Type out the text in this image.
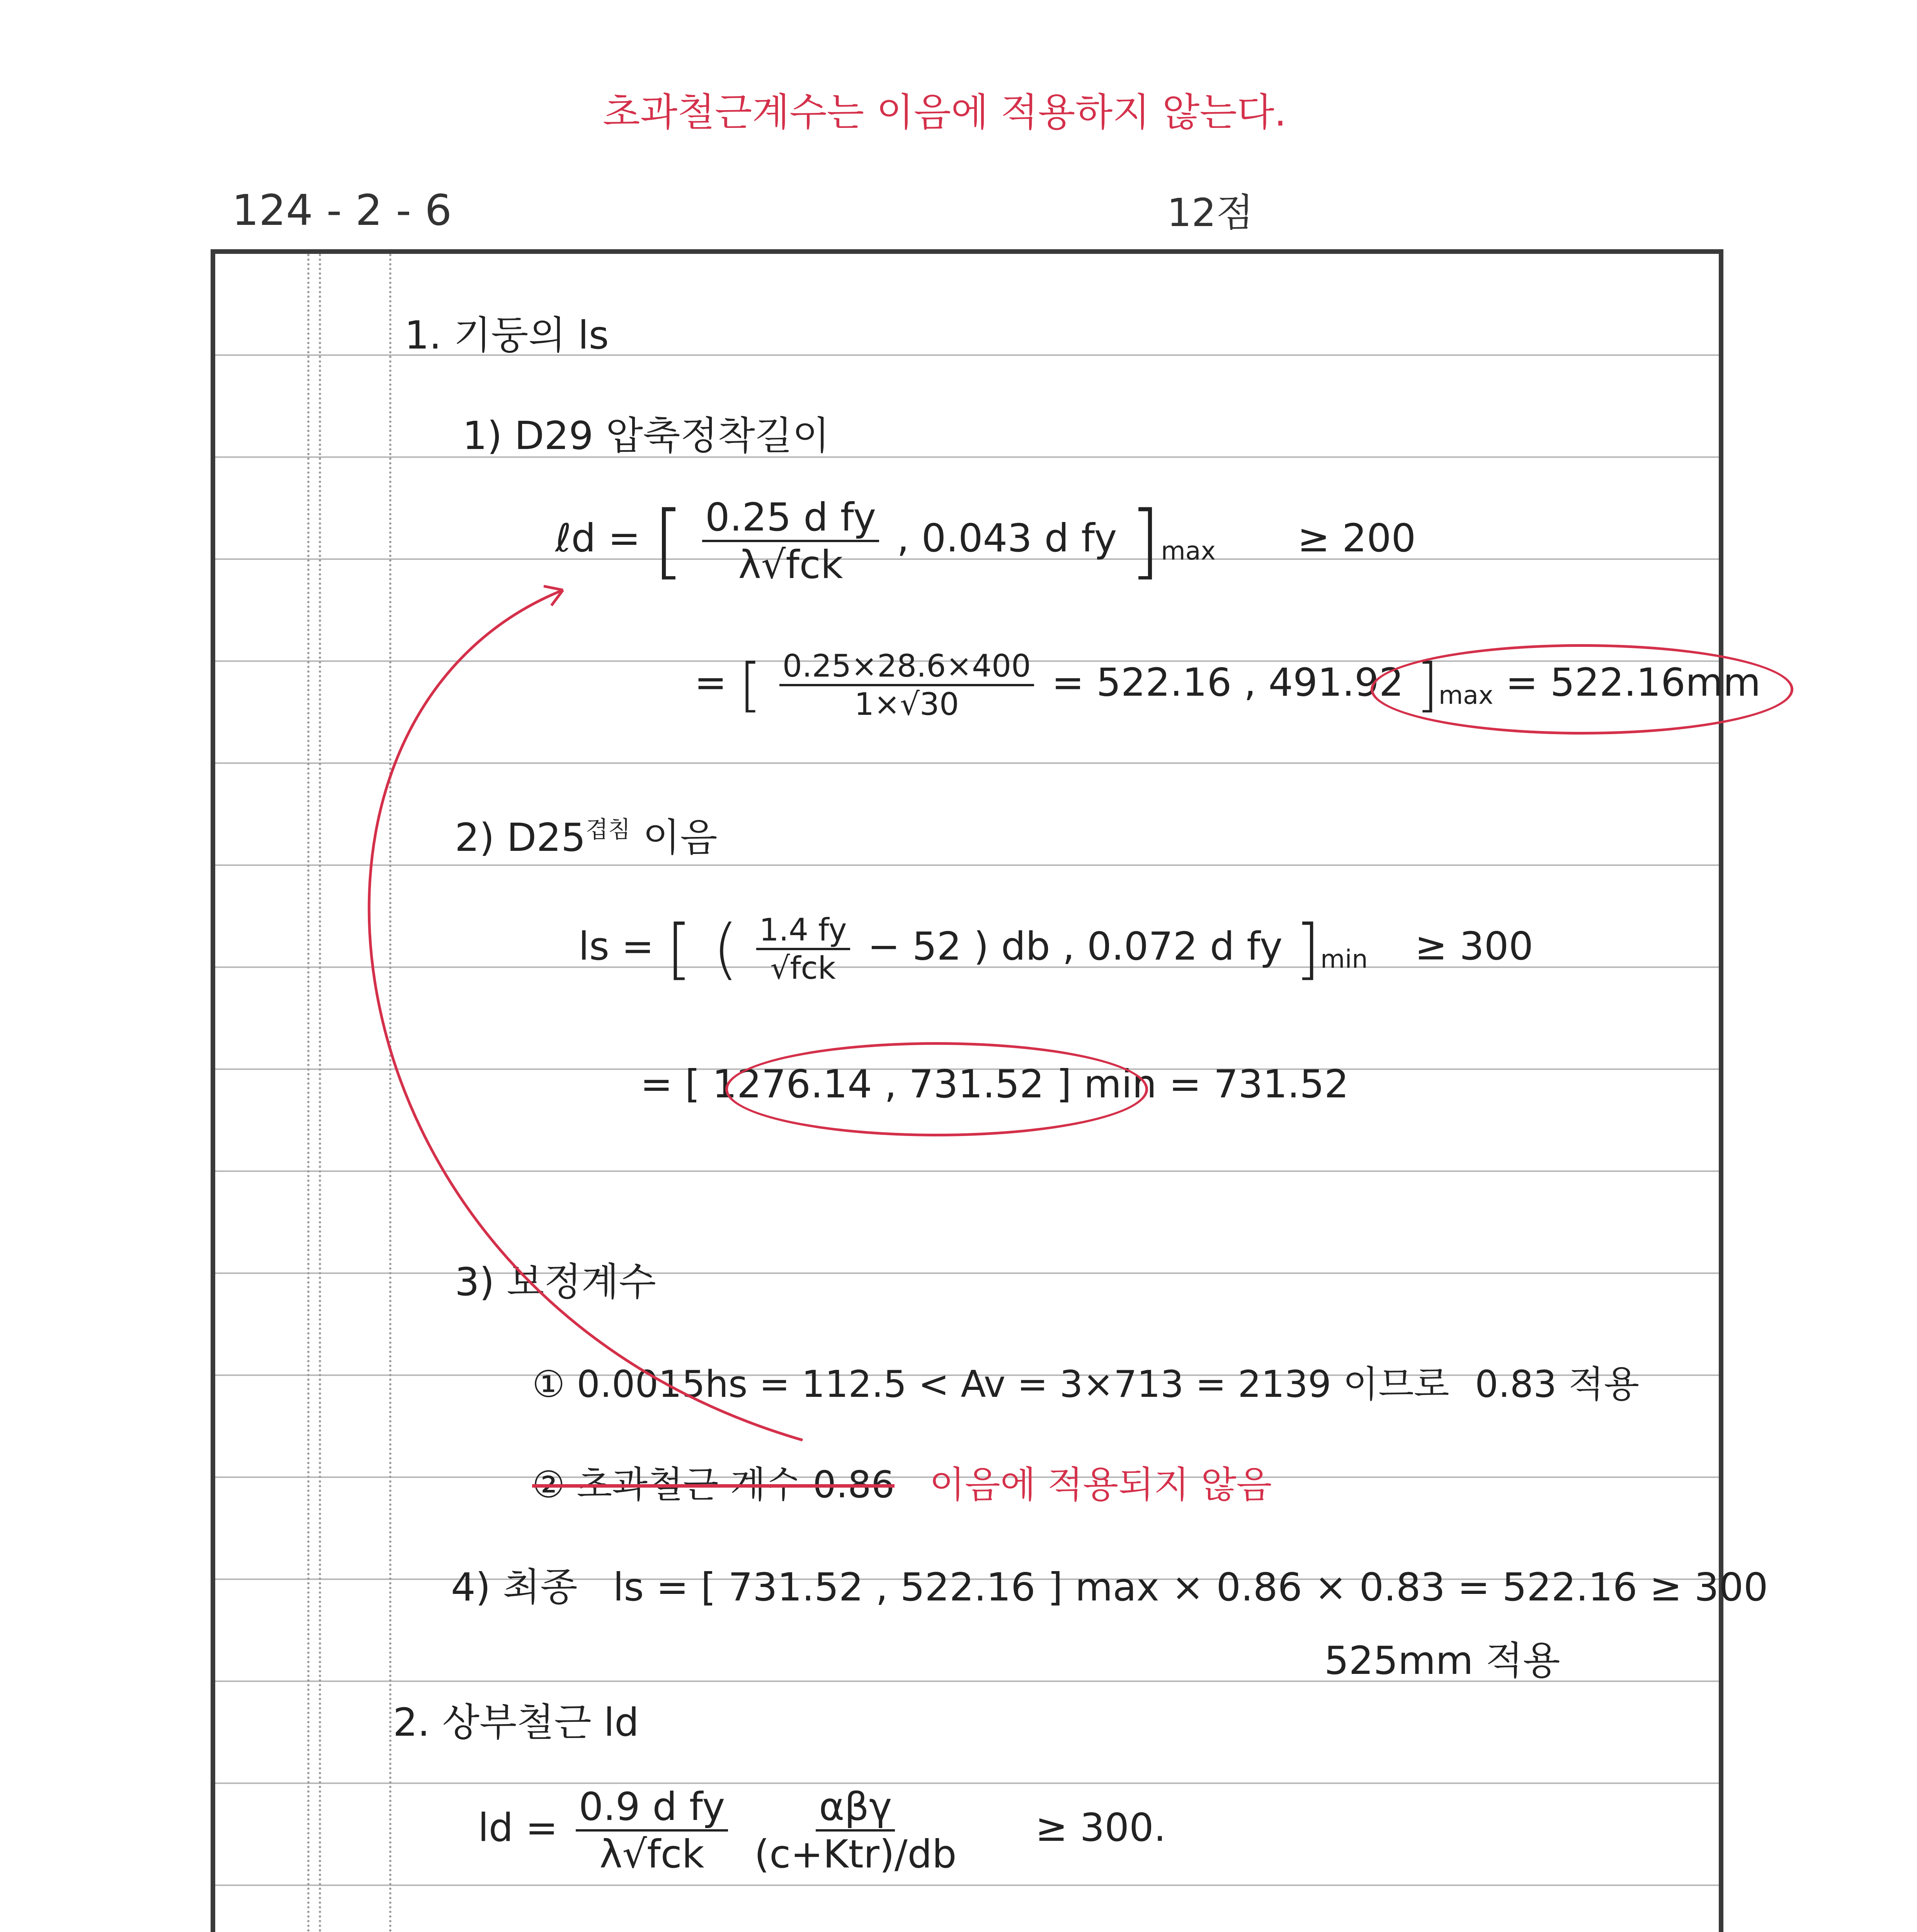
초과철근계수는 이음에 적용하지 않는다.
124 - 2 - 6	12점
1. 기둥의 ls
1) D29 압축정착길이
ℓd = [ $\frac{\text{0.25 d fy}}{\text{λ√fck}}$ , 0.043 d fy ]$_{max} \ge 200$
= [ $\frac{0.25\times 28.6\times 400}{1\times√30} = 522.16$ , 491.92 ]$_{max} = 522.16mm$
2) $D25^{겹침}$ 이음
ls = [ ( $\frac{1.4 fy}{\text{√fck}} - 52$ ) db , 0.072 d fy ]$_{min} \ge 300$
= [ 1276.14 , 731.52 ] min = 731.52
3) 보정계수
① 0.0015hs = 112.5 < Av = 3×713 = 2139 이므로 0.83 적용
② 초과철근 계수 0.86 이음에 적용되지 않음
4) 최종 ls = [ 731.52 , 522.16 ] max × 0.86 × 0.83 = 522.16 ≥ 300
525mm 적용
2. 상부철근 ld
ld = $\frac{\text{0.9 d fy}}{\text{λ√fck}}$
$\frac{\text{αβγ}}{\text{(c+Ktr)/db}} \ge 300$.
